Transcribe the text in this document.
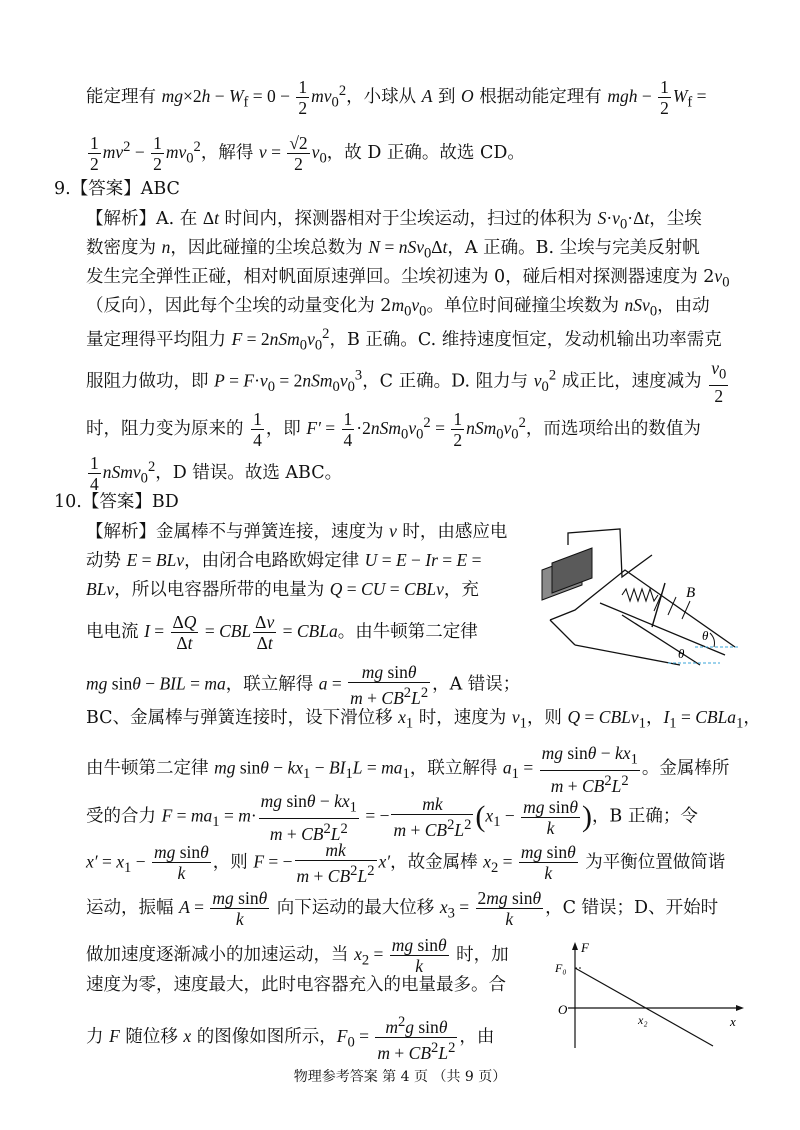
能定理有 $mg\times 2h - W_f = 0 - \frac{1}{2} mv_0^2$，小球从 A 到 O 根据动能定理有 mgh − $\frac{1}{2} W_f$ =
$\frac{1}{2} mv^2 - \frac{1}{2} mv_0^2$，解得 $v = \frac{√2}{2} v_0$，故 D 正确。故选 CD。
9.【答案】ABC
【解析】A. 在 Δt 时间内，探测器相对于尘埃运动，扫过的体积为 $S\cdot v_0\cdot\Delta t$，尘埃
数密度为 n，因此碰撞的尘埃总数为 N = nSv$_0$Δt，A 正确。B. 尘埃与完美反射帆
发生完全弹性正碰，相对帆面原速弹回。尘埃初速为 0，碰后相对探测器速度为 $2v_0$
（反向），因此每个尘埃的动量变化为 $2m_0v_0$。单位时间碰撞尘埃数为 nSv$_0$，由动
量定理得平均阻力 $F = 2nSm_0v_0^2$，B 正确。C. 维持速度恒定，发动机输出功率需克
服阻力做功，即 $P = F\cdot v_0 = 2nSm_0v_0^3$，C 正确。D. 阻力与 $v_0^2$ 成正比，速度减为 $\frac{v_0}{2}$
时，阻力变为原来的 $\frac{1}{4}$ ，即 $F' = \frac{1}{4} \cdot 2nSm_0v_0^2 = \frac{1}{2} nSm_0v_0^2$，而选项给出的数值为
$\frac{1}{4}$ nSmv$_0^2$，D 错误。故选 ABC。
10.【答案】BD
【解析】金属棒不与弹簧连接，速度为 v 时，由感应电
动势 E = BLv，由闭合电路欧姆定律 U = E − Ir = E =
BLv，所以电容器所带的电量为 Q = CU = CBLv，充
电电流 $I = \frac{\Delta Q}{\Delta t}$ = CBL $\frac{\Delta v}{\Delta t}$ = CBLa。由牛顿第二定律
mg sinθ − BIL = ma，联立解得 $a = \frac{\text{mg sinθ}}{m + CB^2L^2}$ ，A 错误；
BC、金属棒与弹簧连接时，设下滑位移 $x_1$ 时，速度为 $v_1$，则 Q = CBLv$_1$，$I_1$ = CBLa$_1$，
由牛顿第二定律 mg $\sin\theta - kx_1 - BI_1L = ma_1$，联立解得 $a_1 = \frac{mg \sin\theta - kx_1}{m + CB^2L^2}$ 。金属棒所
受的合力 $F = ma_1 = m\cdot \frac{mg \sin\theta - kx_1}{m + CB^2L^2}$ = − $\frac{mk}{m + CB^2L^2} (x_1 - \frac{\text{mg sinθ}}{k}$ )，B 正确；令
$x' = x_1 - \frac{\text{mg sinθ}}{k}$ ，则 F = − $\frac{mk}{m + CB^2L^2} x'$，故金属棒 $x_2 = \frac{\text{mg sinθ}}{k}$ 为平衡位置做简谐
运动，振幅 $A = \frac{\text{mg sinθ}}{k}$ 向下运动的最大位移 $x_3 = \frac{\text{2mg sinθ}}{k}$ ，C 错误；D、开始时
做加速度逐渐减小的加速运动，当 $x_2 = \frac{\text{mg sinθ}}{k}$ 时，加
速度为零，速度最大，此时电容器充入的电量最多。合
力 F 随位移 x 的图像如图所示，$F_0 = \frac{m^2g \sin\theta}{m + CB^2L^2}$ ，由
B
θ
θ
F
x
O
F₀
x₂
物理参考答案 第 4 页 （共 9 页）
